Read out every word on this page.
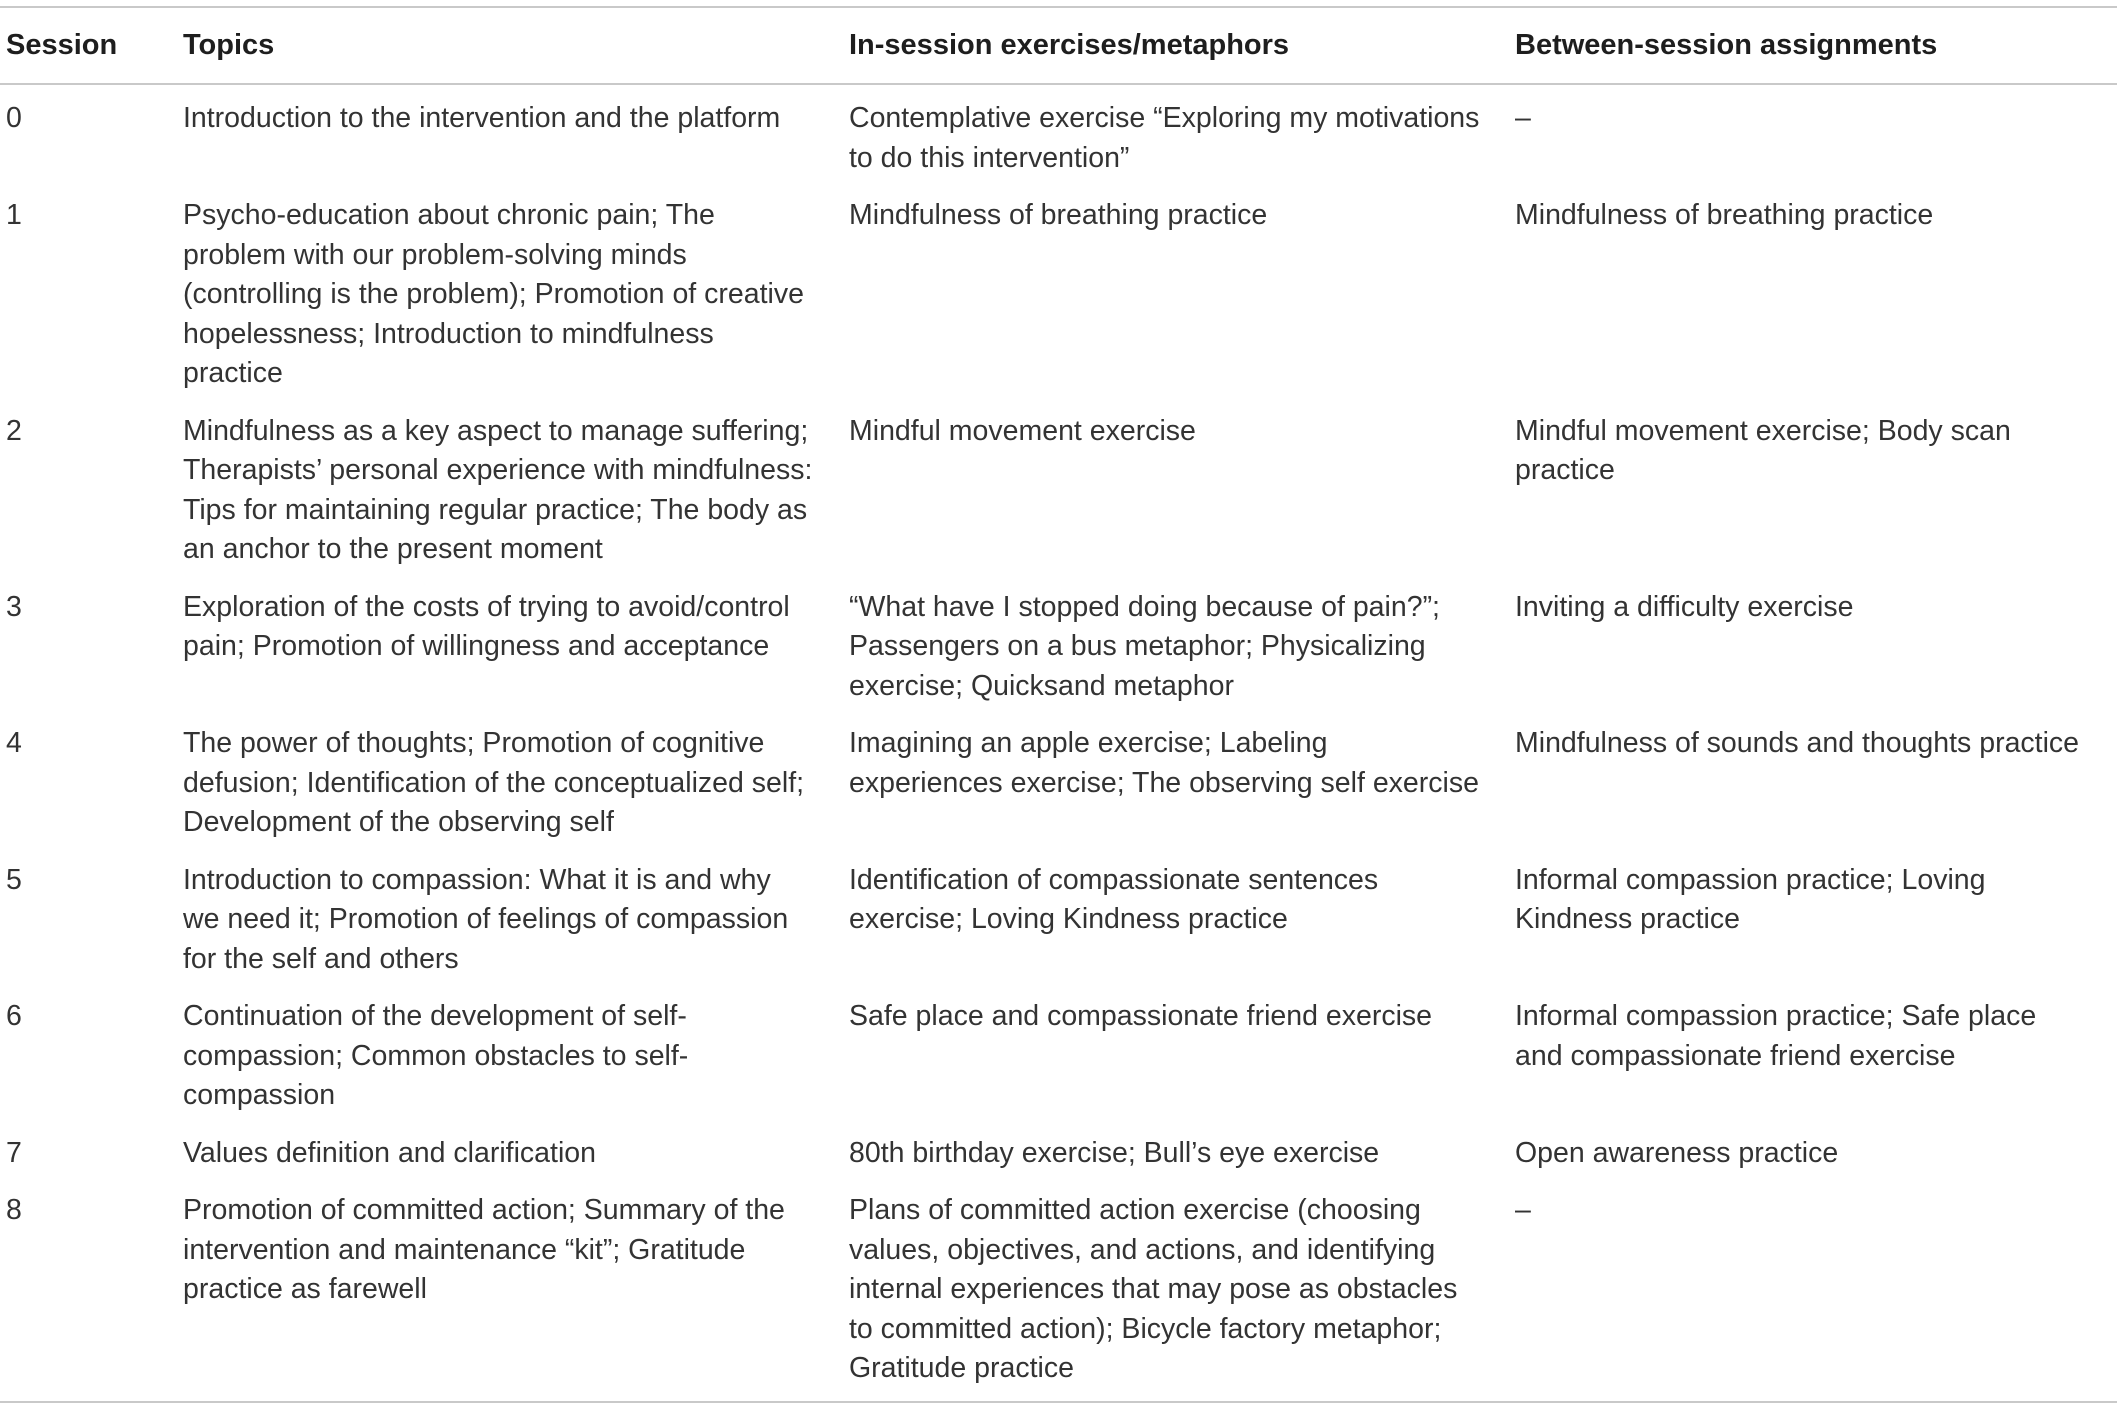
Session	Topics	In-session exercises/metaphors	Between-session assignments
0	Introduction to the intervention and the platform	Contemplative exercise “Exploring my motivations to do this intervention”	–

1	Psycho-education about chronic pain; The problem with our problem-solving minds (controlling is the problem); Promotion of creative hopelessness; Introduction to mindfulness practice	Mindfulness of breathing practice	Mindfulness of breathing practice

2	Mindfulness as a key aspect to manage suffering; Therapists’ personal experience with mindfulness: Tips for maintaining regular practice; The body as an anchor to the present moment	Mindful movement exercise	Mindful movement exercise; Body scan practice

3	Exploration of the costs of trying to avoid/control pain; Promotion of willingness and acceptance	“What have I stopped doing because of pain?”; Passengers on a bus metaphor; Physicalizing exercise; Quicksand metaphor	Inviting a difficulty exercise

4	The power of thoughts; Promotion of cognitive defusion; Identification of the conceptualized self; Development of the observing self	Imagining an apple exercise; Labeling experiences exercise; The observing self exercise	Mindfulness of sounds and thoughts practice

5	Introduction to compassion: What it is and why we need it; Promotion of feelings of compassion for the self and others	Identification of compassionate sentences exercise; Loving Kindness practice	Informal compassion practice; Loving Kindness practice

6	Continuation of the development of self-compassion; Common obstacles to self-compassion	Safe place and compassionate friend exercise	Informal compassion practice; Safe place and compassionate friend exercise

7	Values definition and clarification	80th birthday exercise; Bull’s eye exercise	Open awareness practice

8	Promotion of committed action; Summary of the intervention and maintenance “kit”; Gratitude practice as farewell	Plans of committed action exercise (choosing values, objectives, and actions, and identifying internal experiences that may pose as obstacles to committed action); Bicycle factory metaphor; Gratitude practice	–
